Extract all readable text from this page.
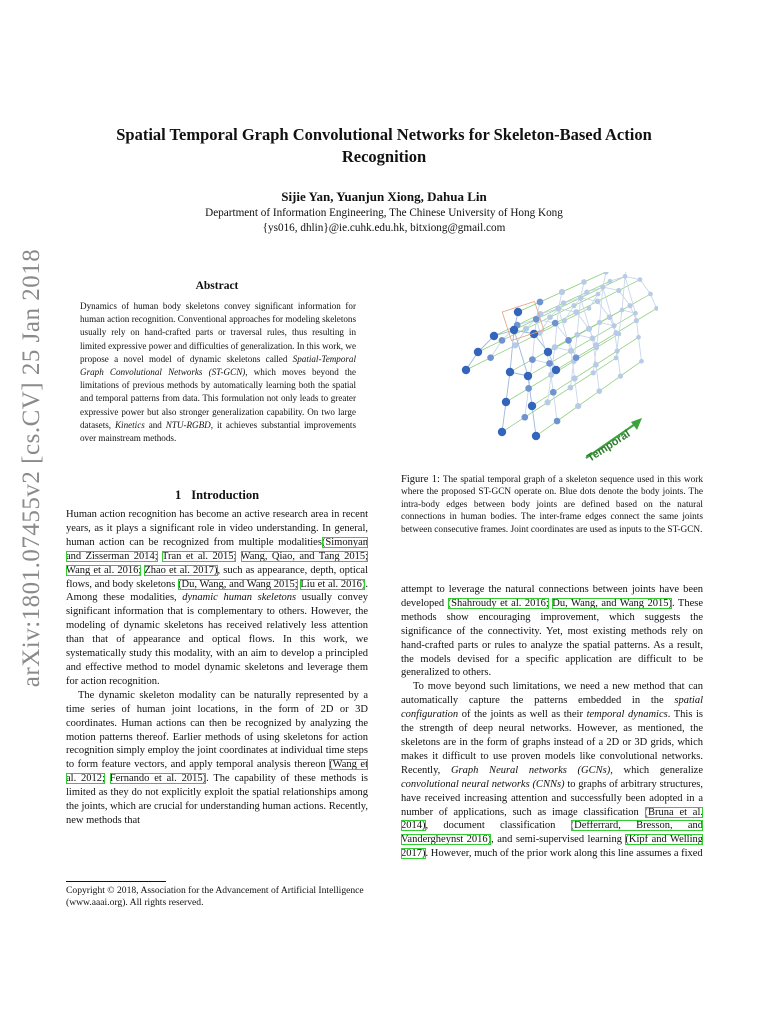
arXiv:1801.07455v2 [cs.CV] 25 Jan 2018
Spatial Temporal Graph Convolutional Networks for Skeleton-Based Action Recognition
Sijie Yan, Yuanjun Xiong, Dahua Lin
Department of Information Engineering, The Chinese University of Hong Kong
{ys016, dhlin}@ie.cuhk.edu.hk, bitxiong@gmail.com
Abstract

Dynamics of human body skeletons convey significant information for human action recognition. Conventional approaches for modeling skeletons usually rely on hand-crafted parts or traversal rules, thus resulting in limited expressive power and difficulties of generalization. In this work, we propose a novel model of dynamic skeletons called Spatial-Temporal Graph Convolutional Networks (ST-GCN), which moves beyond the limitations of previous methods by automatically learning both the spatial and temporal patterns from data. This formulation not only leads to greater expressive power but also stronger generalization capability. On two large datasets, Kinetics and NTU-RGBD, it achieves substantial improvements over mainstream methods.

1 Introduction

Human action recognition has become an active research area in recent years, as it plays a significant role in video understanding. In general, human action can be recognized from multiple modalities(Simonyan and Zisserman 2014; Tran et al. 2015; Wang, Qiao, and Tang 2015; Wang et al. 2016; Zhao et al. 2017), such as appearance, depth, optical flows, and body skeletons (Du, Wang, and Wang 2015; Liu et al. 2016). Among these modalities, dynamic human skeletons usually convey significant information that is complementary to others. However, the modeling of dynamic skeletons has received relatively less attention than that of appearance and optical flows. In this work, we systematically study this modality, with an aim to develop a principled and effective method to model dynamic skeletons and leverage them for action recognition.

The dynamic skeleton modality can be naturally represented by a time series of human joint locations, in the form of 2D or 3D coordinates. Human actions can then be recognized by analyzing the motion patterns thereof. Earlier methods of using skeletons for action recognition simply employ the joint coordinates at individual time steps to form feature vectors, and apply temporal analysis thereon (Wang et al. 2012; Fernando et al. 2015). The capability of these methods is limited as they do not explicitly exploit the spatial relationships among the joints, which are crucial for understanding human actions. Recently, new methods that

Copyright © 2018, Association for the Advancement of Artificial Intelligence (www.aaai.org). All rights reserved.
Temporal
Figure 1: The spatial temporal graph of a skeleton sequence used in this work where the proposed ST-GCN operate on. Blue dots denote the body joints. The intra-body edges between body joints are defined based on the natural connections in human bodies. The inter-frame edges connect the same joints between consecutive frames. Joint coordinates are used as inputs to the ST-GCN.

attempt to leverage the natural connections between joints have been developed (Shahroudy et al. 2016; Du, Wang, and Wang 2015). These methods show encouraging improvement, which suggests the significance of the connectivity. Yet, most existing methods rely on hand-crafted parts or rules to analyze the spatial patterns. As a result, the models devised for a specific application are difficult to be generalized to others.

To move beyond such limitations, we need a new method that can automatically capture the patterns embedded in the spatial configuration of the joints as well as their temporal dynamics. This is the strength of deep neural networks. However, as mentioned, the skeletons are in the form of graphs instead of a 2D or 3D grids, which makes it difficult to use proven models like convolutional networks. Recently, Graph Neural networks (GCNs), which generalize convolutional neural networks (CNNs) to graphs of arbitrary structures, have received increasing attention and successfully been adopted in a number of applications, such as image classification (Bruna et al. 2014), document classification (Defferrard, Bresson, and Vandergheynst 2016), and semi-supervised learning (Kipf and Welling 2017). However, much of the prior work along this line assumes a fixed
